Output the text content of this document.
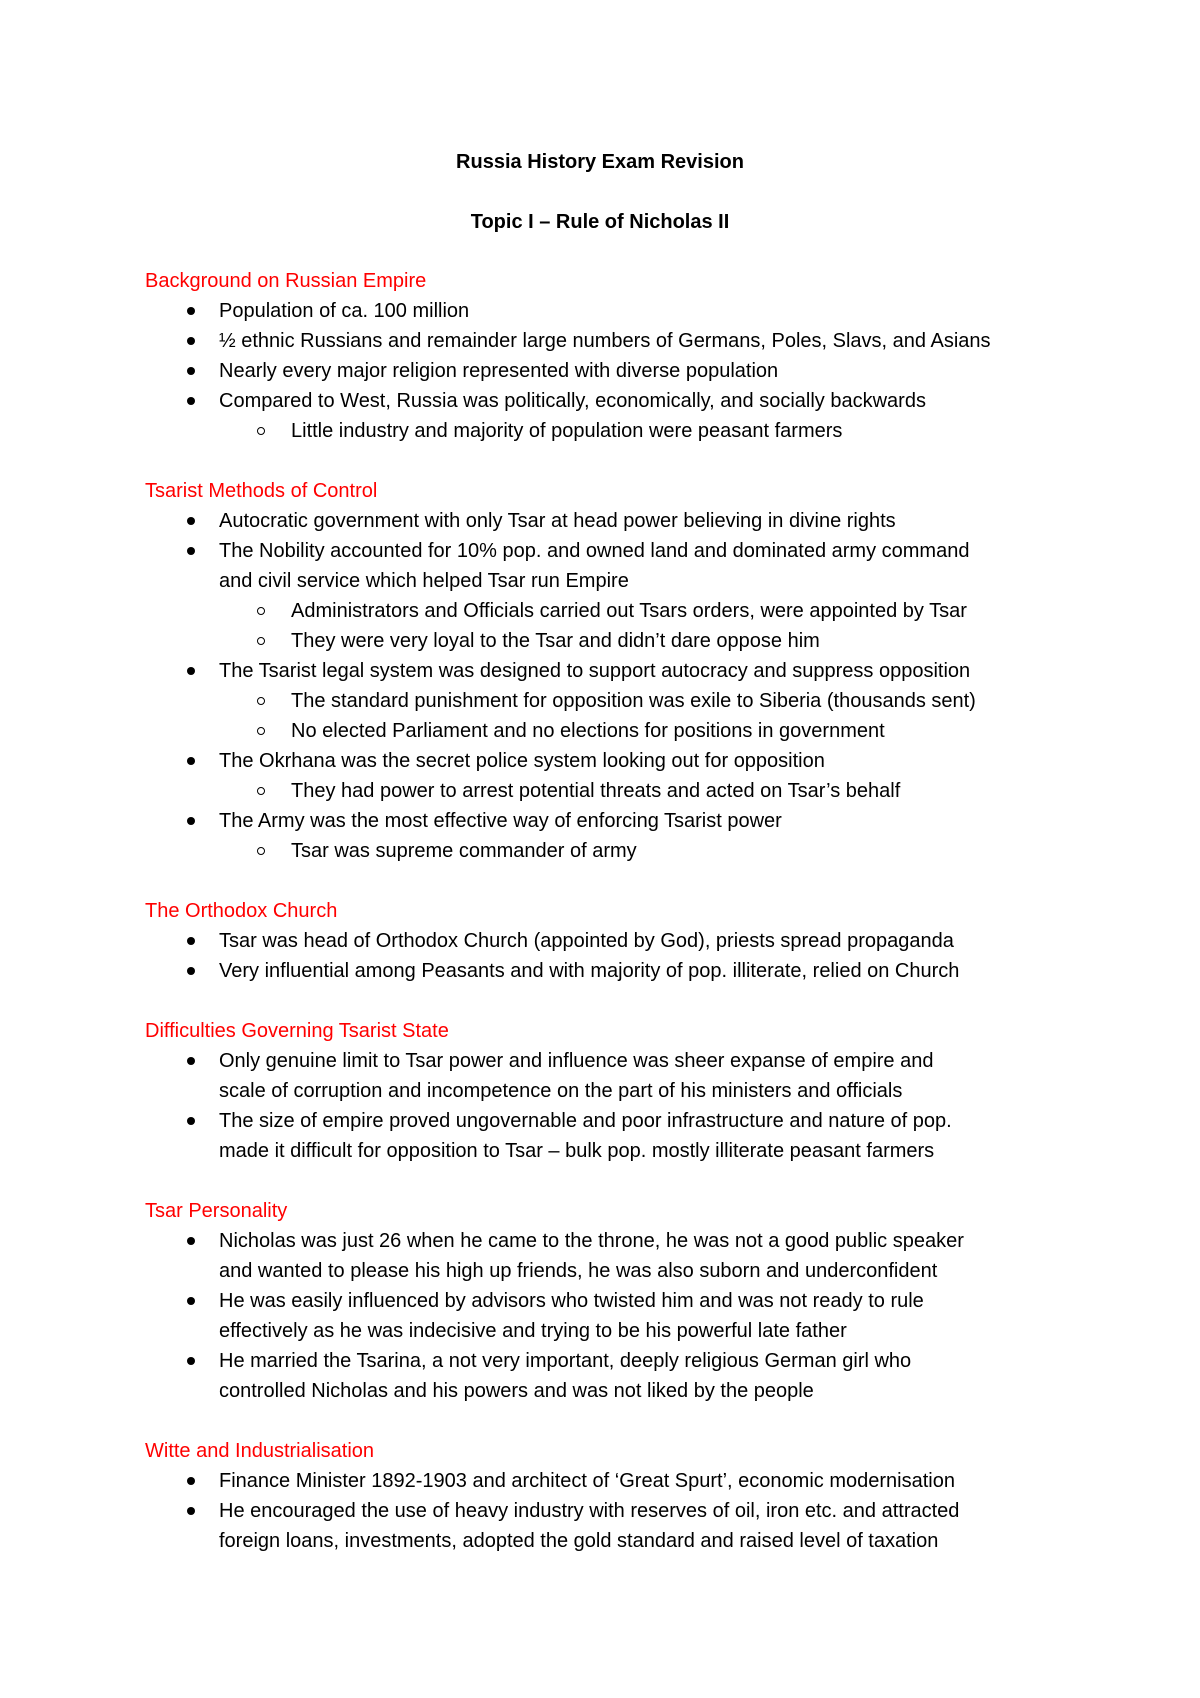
Russia History Exam Revision
Topic I – Rule of Nicholas II
Background on Russian Empire
Population of ca. 100 million
½ ethnic Russians and remainder large numbers of Germans, Poles, Slavs, and Asians
Nearly every major religion represented with diverse population
Compared to West, Russia was politically, economically, and socially backwards
Little industry and majority of population were peasant farmers
Tsarist Methods of Control
Autocratic government with only Tsar at head power believing in divine rights
The Nobility accounted for 10% pop. and owned land and dominated army command
and civil service which helped Tsar run Empire
Administrators and Officials carried out Tsars orders, were appointed by Tsar
They were very loyal to the Tsar and didn’t dare oppose him
The Tsarist legal system was designed to support autocracy and suppress opposition
The standard punishment for opposition was exile to Siberia (thousands sent)
No elected Parliament and no elections for positions in government
The Okrhana was the secret police system looking out for opposition
They had power to arrest potential threats and acted on Tsar’s behalf
The Army was the most effective way of enforcing Tsarist power
Tsar was supreme commander of army
The Orthodox Church
Tsar was head of Orthodox Church (appointed by God), priests spread propaganda
Very influential among Peasants and with majority of pop. illiterate, relied on Church
Difficulties Governing Tsarist State
Only genuine limit to Tsar power and influence was sheer expanse of empire and
scale of corruption and incompetence on the part of his ministers and officials
The size of empire proved ungovernable and poor infrastructure and nature of pop.
made it difficult for opposition to Tsar – bulk pop. mostly illiterate peasant farmers
Tsar Personality
Nicholas was just 26 when he came to the throne, he was not a good public speaker
and wanted to please his high up friends, he was also suborn and underconfident
He was easily influenced by advisors who twisted him and was not ready to rule
effectively as he was indecisive and trying to be his powerful late father
He married the Tsarina, a not very important, deeply religious German girl who
controlled Nicholas and his powers and was not liked by the people
Witte and Industrialisation
Finance Minister 1892-1903 and architect of ‘Great Spurt’, economic modernisation
He encouraged the use of heavy industry with reserves of oil, iron etc. and attracted
foreign loans, investments, adopted the gold standard and raised level of taxation
